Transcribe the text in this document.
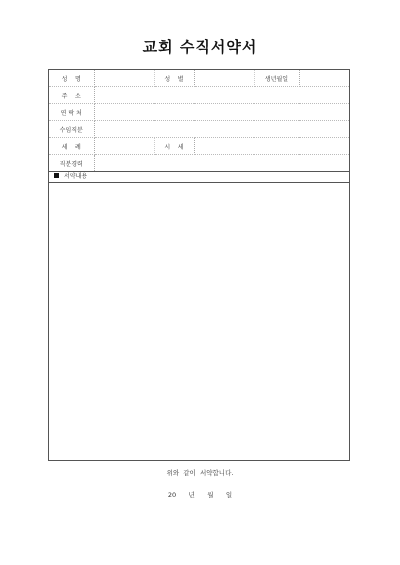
교회 수직서약서
성    명		성    별		생년월일	
주    소					
연 락 처					
수임직분					
세    례		시    세			
직분경력					
서약내용
위와  같이  서약합니다.
20      년      월      일
